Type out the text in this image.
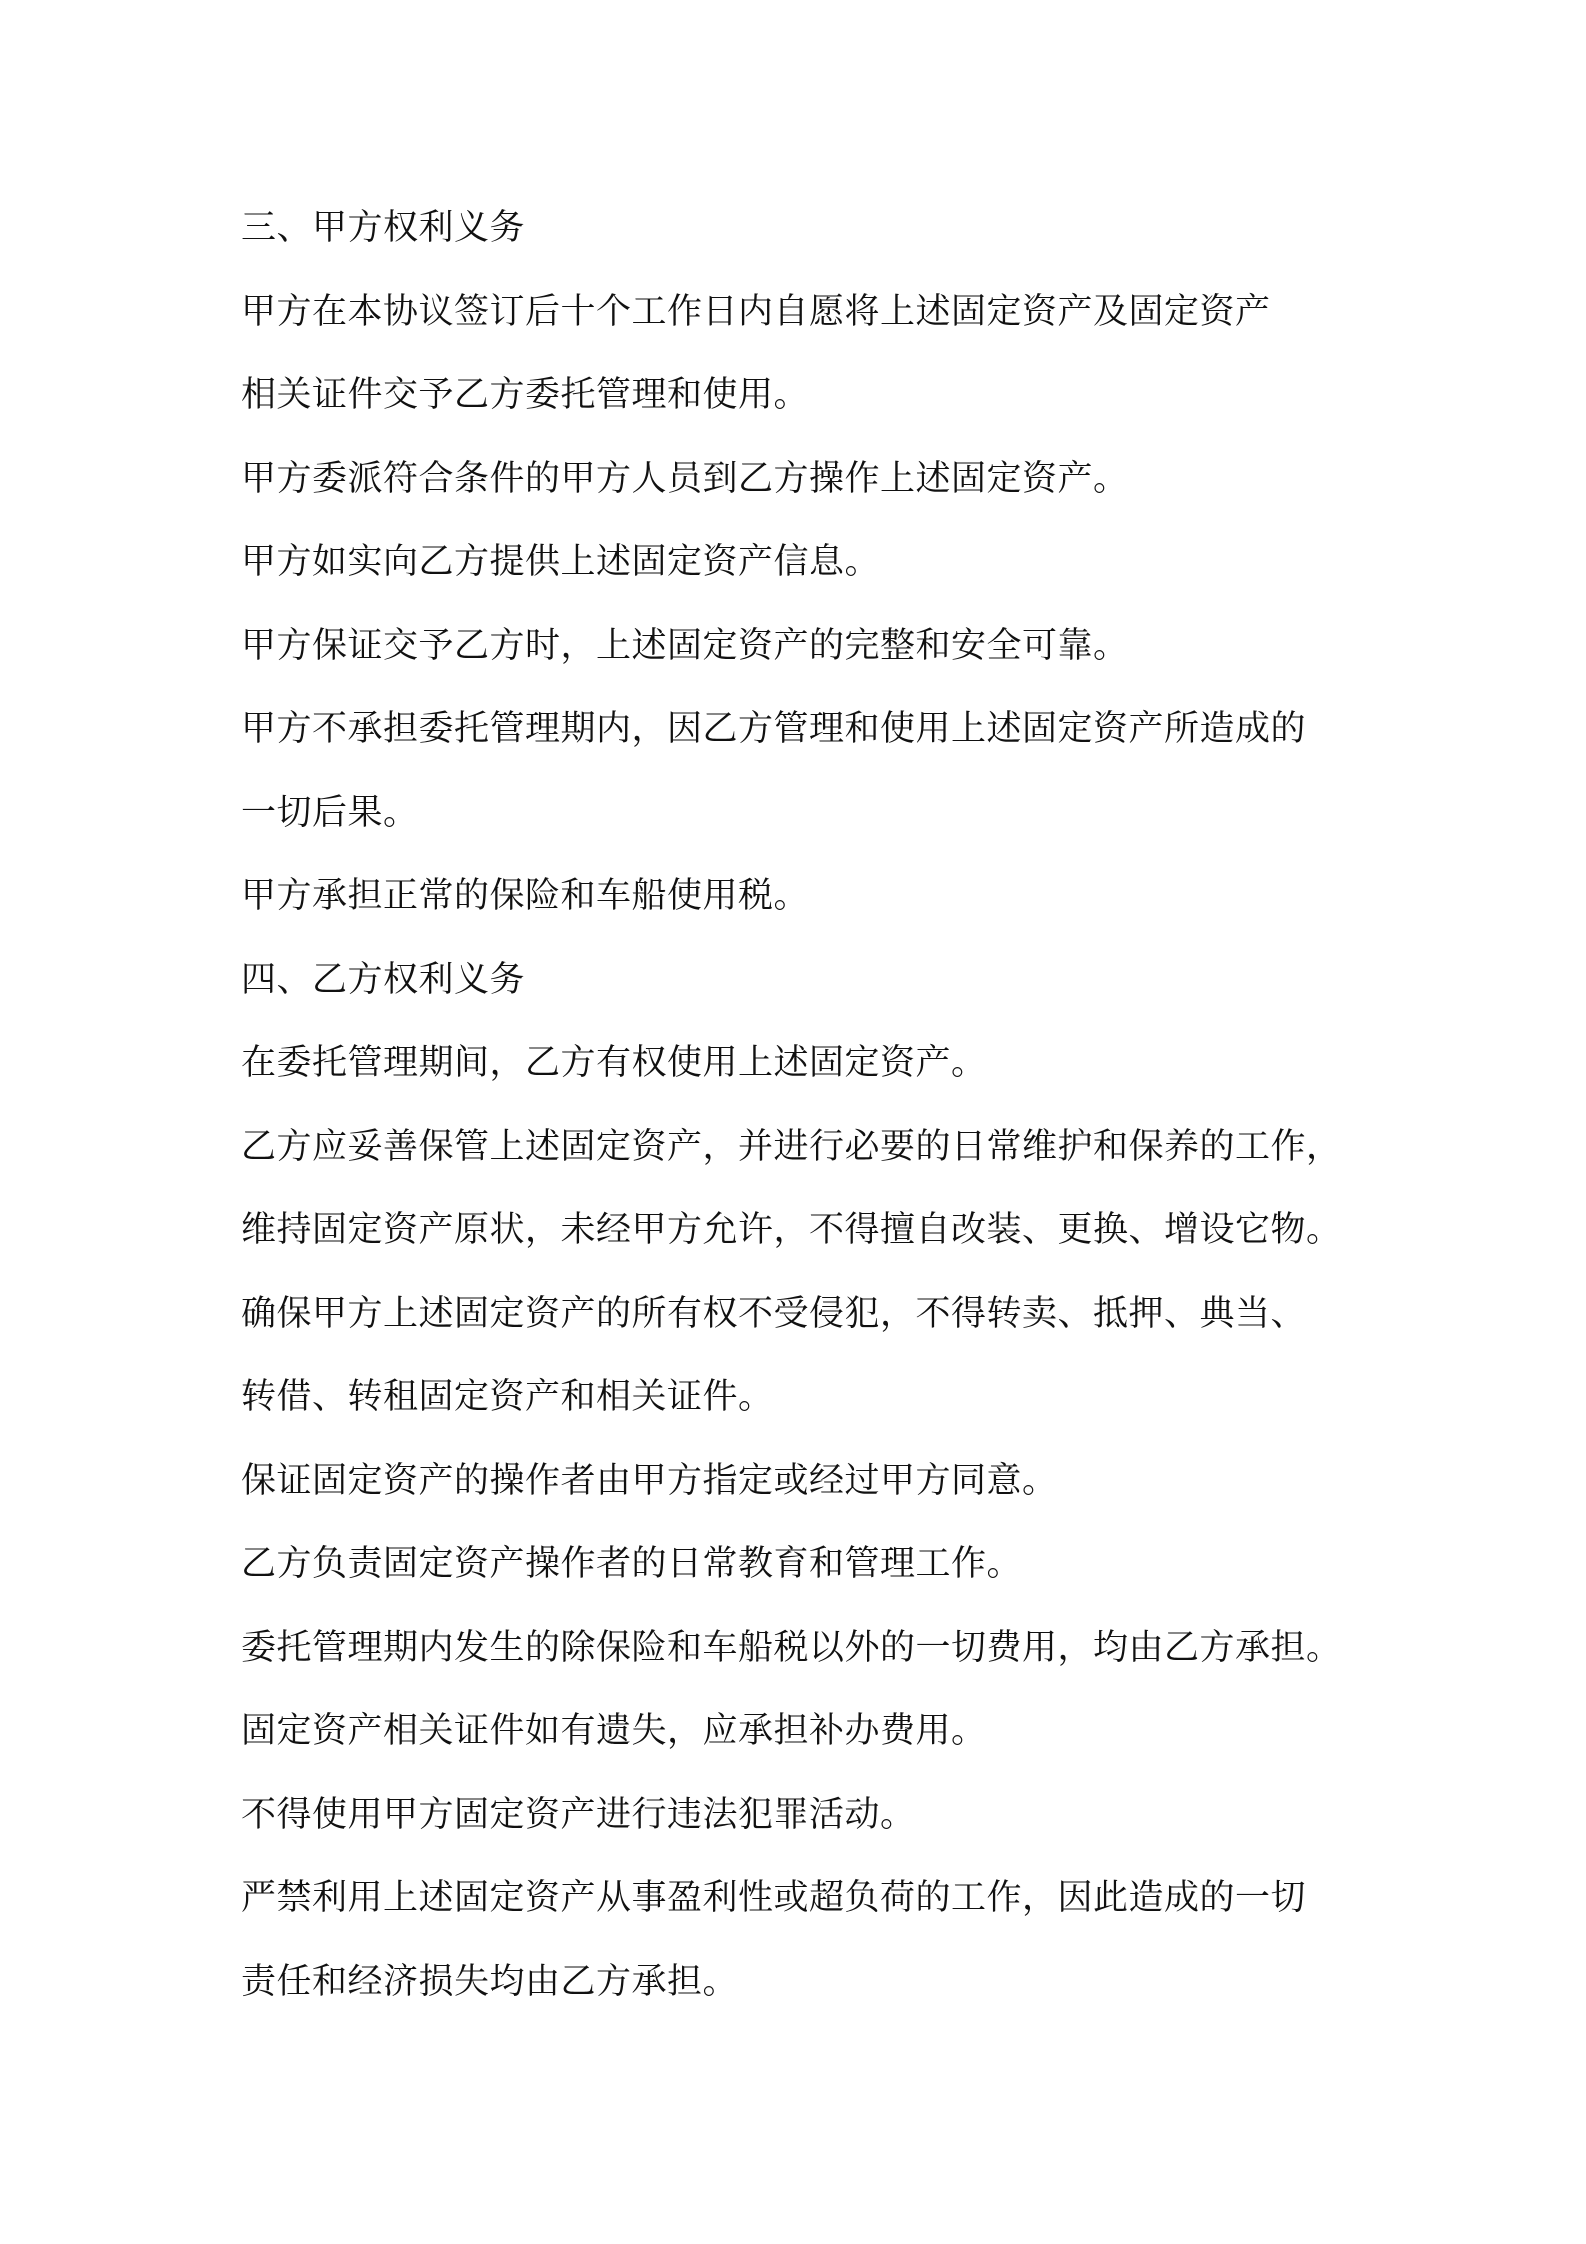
三、甲方权利义务

甲方在本协议签订后十个工作日内自愿将上述固定资产及固定资产

相关证件交予乙方委托管理和使用。

甲方委派符合条件的甲方人员到乙方操作上述固定资产。

甲方如实向乙方提供上述固定资产信息。

甲方保证交予乙方时，上述固定资产的完整和安全可靠。

甲方不承担委托管理期内，因乙方管理和使用上述固定资产所造成的

一切后果。

甲方承担正常的保险和车船使用税。

四、乙方权利义务

在委托管理期间，乙方有权使用上述固定资产。

乙方应妥善保管上述固定资产，并进行必要的日常维护和保养的工作，

维持固定资产原状，未经甲方允许，不得擅自改装、更换、增设它物。

确保甲方上述固定资产的所有权不受侵犯，不得转卖、抵押、典当、

转借、转租固定资产和相关证件。

保证固定资产的操作者由甲方指定或经过甲方同意。

乙方负责固定资产操作者的日常教育和管理工作。

委托管理期内发生的除保险和车船税以外的一切费用，均由乙方承担。

固定资产相关证件如有遗失，应承担补办费用。

不得使用甲方固定资产进行违法犯罪活动。

严禁利用上述固定资产从事盈利性或超负荷的工作，因此造成的一切

责任和经济损失均由乙方承担。
